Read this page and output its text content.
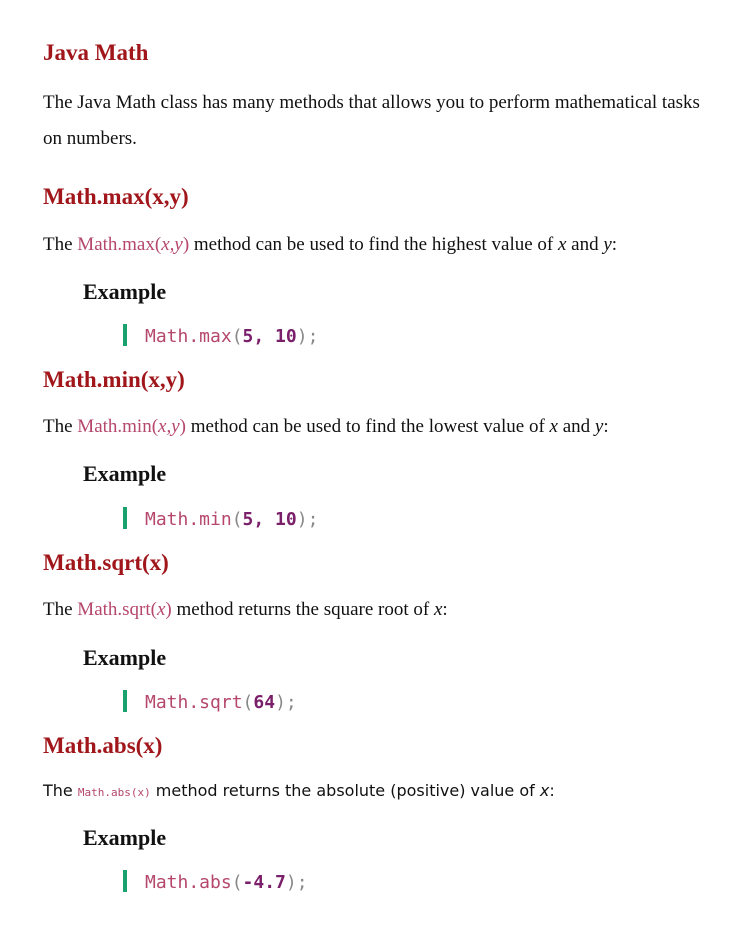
Java Math

The Java Math class has many methods that allows you to perform mathematical tasks on numbers.

Math.max(x,y)

The Math.max(x,y) method can be used to find the highest value of x and y:

Example
Math.max(5, 10);
Math.min(x,y)

The Math.min(x,y) method can be used to find the lowest value of x and y:

Example
Math.min(5, 10);
Math.sqrt(x)

The Math.sqrt(x) method returns the square root of x:

Example
Math.sqrt(64);
Math.abs(x)

The Math.abs(x) method returns the absolute (positive) value of x:

Example
Math.abs(-4.7);
